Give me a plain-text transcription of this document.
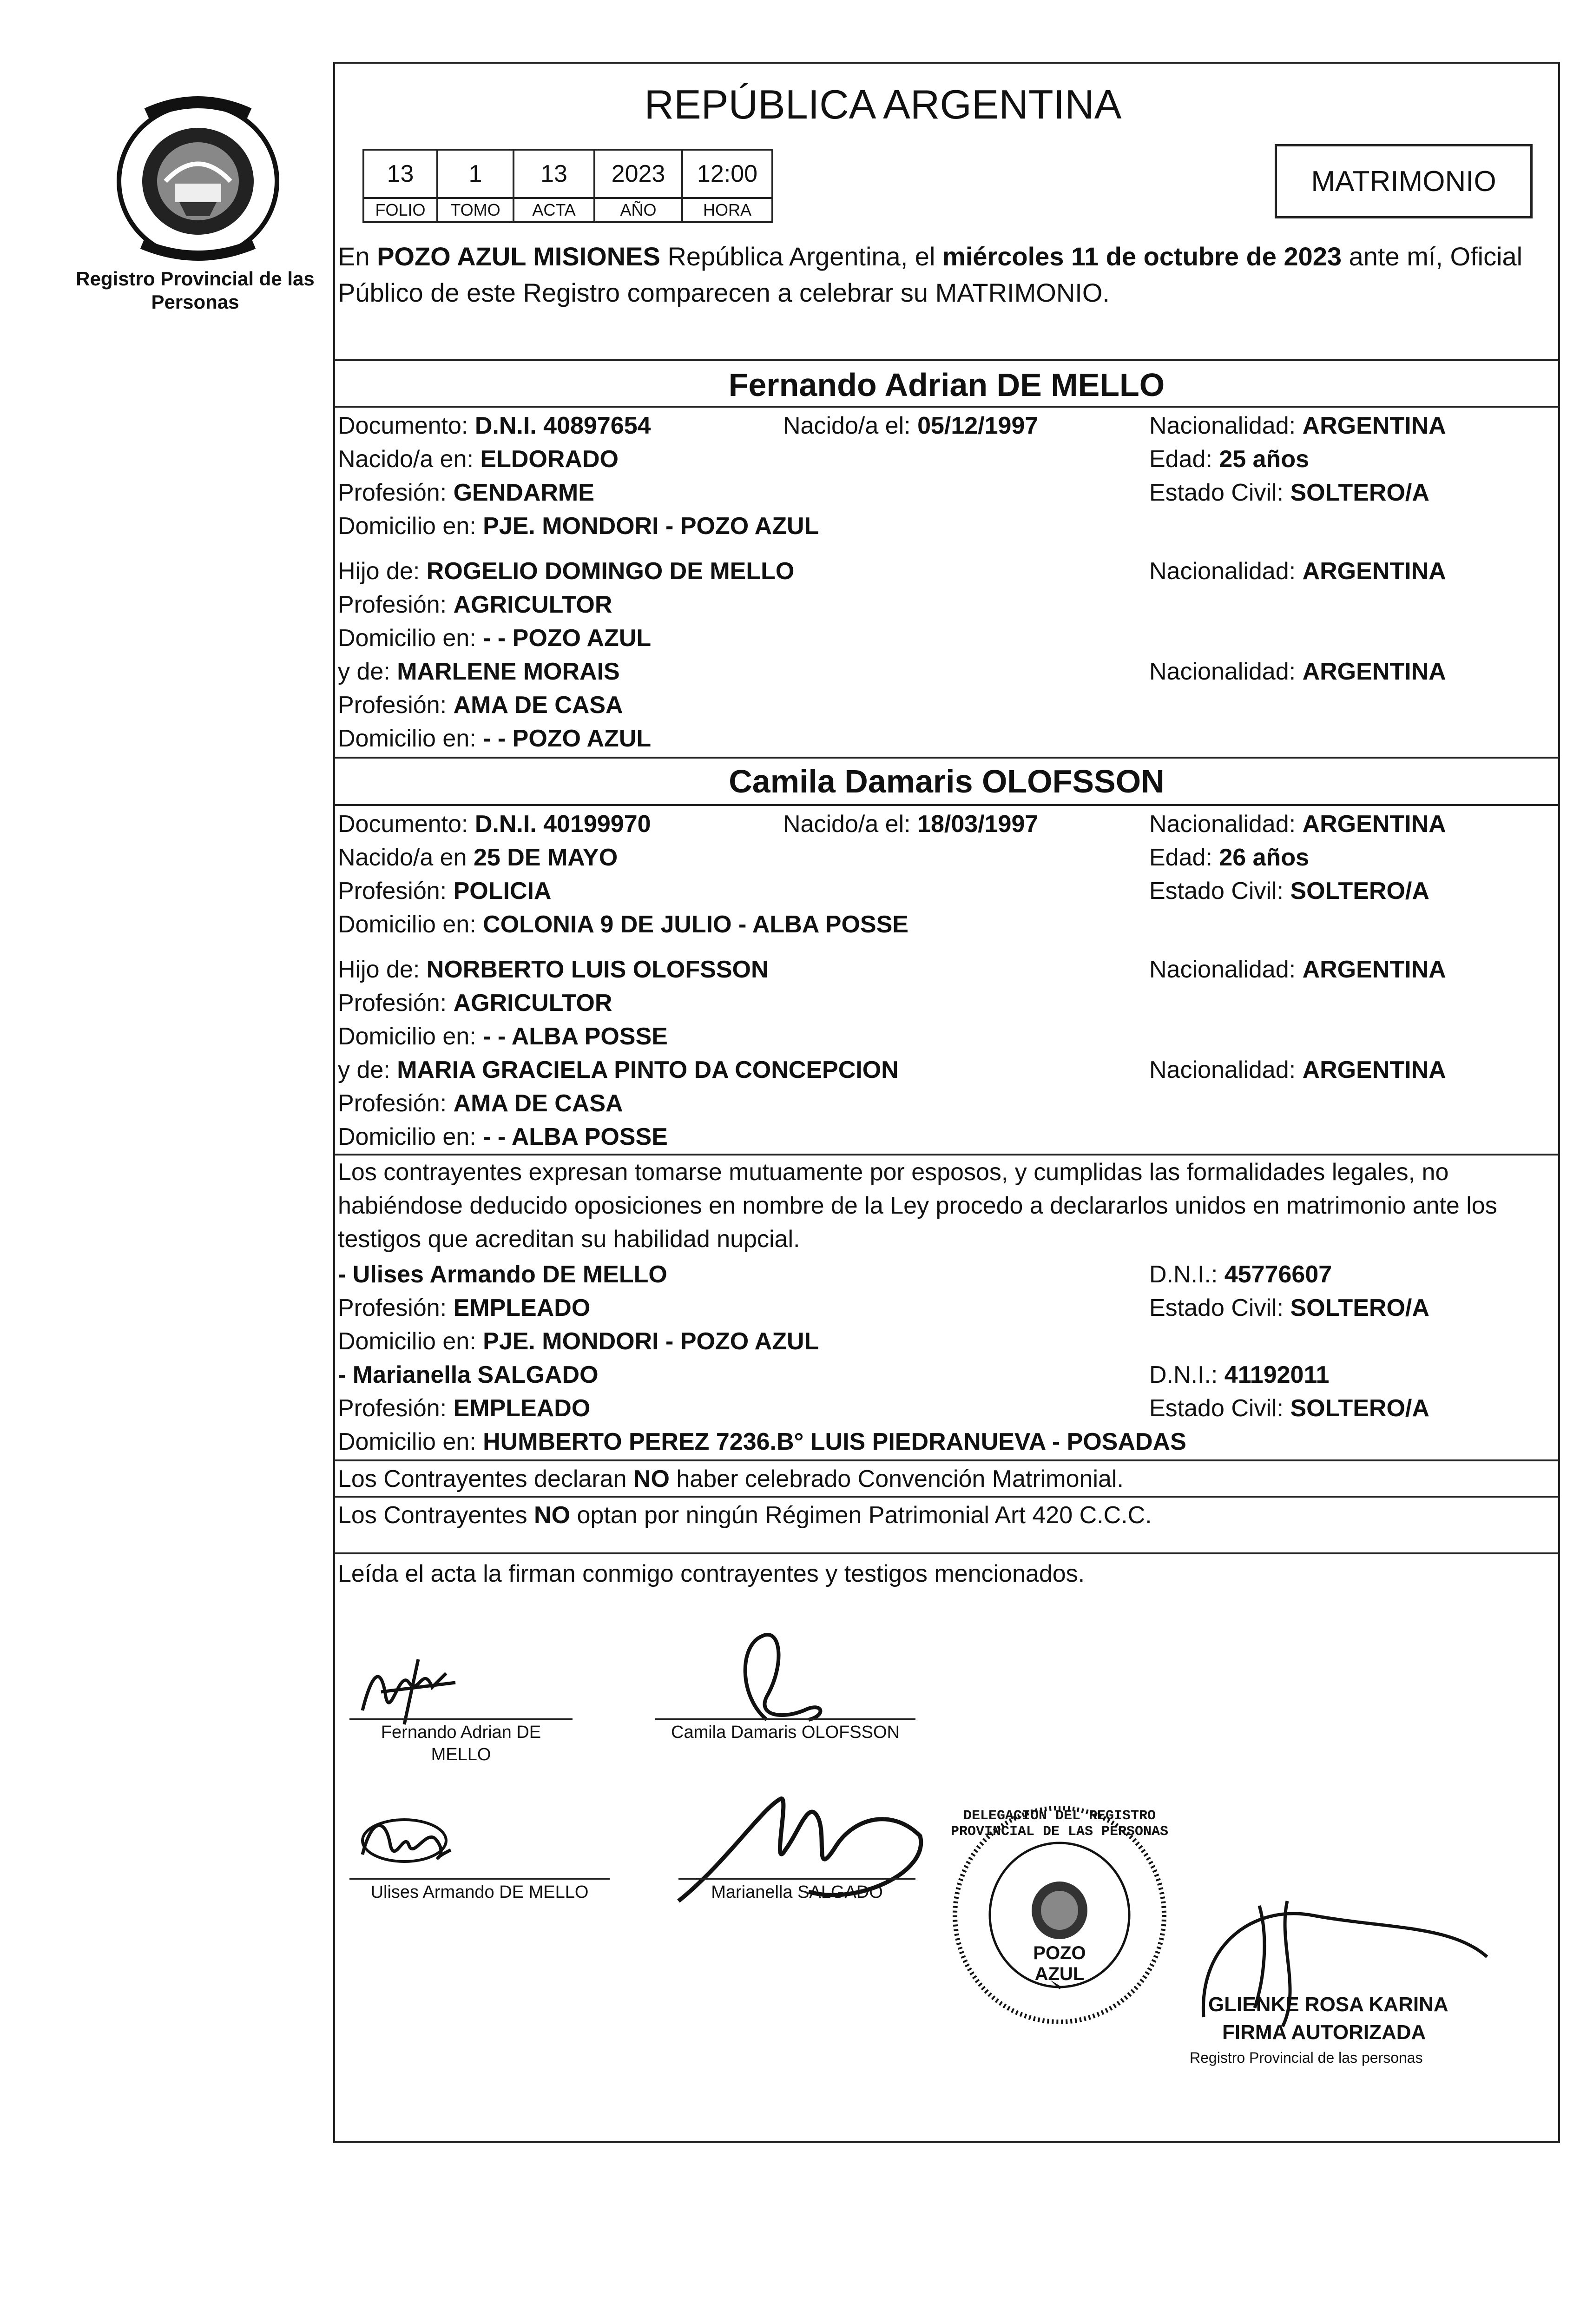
Registro Provincial de las Personas
REPÚBLICA ARGENTINA
13	1	13	2023	12:00
FOLIO	TOMO	ACTA	AÑO	HORA
MATRIMONIO
En POZO AZUL MISIONES República Argentina, el miércoles 11 de octubre de 2023 ante mí, Oficial Público de este Registro comparecen a celebrar su MATRIMONIO.
Fernando Adrian DE MELLO
Documento: D.N.I. 40897654	Nacido/a el: 05/12/1997	Nacionalidad: ARGENTINA
Nacido/a en: ELDORADO	Edad: 25 años
Profesión: GENDARME	Estado Civil: SOLTERO/A
Domicilio en: PJE. MONDORI - POZO AZUL
Hijo de: ROGELIO DOMINGO DE MELLO	Nacionalidad: ARGENTINA
Profesión: AGRICULTOR
Domicilio en: - - POZO AZUL
y de: MARLENE MORAIS	Nacionalidad: ARGENTINA
Profesión: AMA DE CASA
Domicilio en: - - POZO AZUL
Camila Damaris OLOFSSON
Documento: D.N.I. 40199970	Nacido/a el: 18/03/1997	Nacionalidad: ARGENTINA
Nacido/a en 25 DE MAYO	Edad: 26 años
Profesión: POLICIA	Estado Civil: SOLTERO/A
Domicilio en: COLONIA 9 DE JULIO - ALBA POSSE
Hijo de: NORBERTO LUIS OLOFSSON	Nacionalidad: ARGENTINA
Profesión: AGRICULTOR
Domicilio en: - - ALBA POSSE
y de: MARIA GRACIELA PINTO DA CONCEPCION	Nacionalidad: ARGENTINA
Profesión: AMA DE CASA
Domicilio en: - - ALBA POSSE
Los contrayentes expresan tomarse mutuamente por esposos, y cumplidas las formalidades legales, no habiéndose deducido oposiciones en nombre de la Ley procedo a declararlos unidos en matrimonio ante los testigos que acreditan su habilidad nupcial.
- Ulises Armando DE MELLO	D.N.I.: 45776607
Profesión: EMPLEADO	Estado Civil: SOLTERO/A
Domicilio en: PJE. MONDORI - POZO AZUL
- Marianella SALGADO	D.N.I.: 41192011
Profesión: EMPLEADO	Estado Civil: SOLTERO/A
Domicilio en: HUMBERTO PEREZ 7236.B° LUIS PIEDRANUEVA - POSADAS
Los Contrayentes declaran NO haber celebrado Convención Matrimonial.
Los Contrayentes NO optan por ningún Régimen Patrimonial Art 420 C.C.C.
Leída el acta la firman conmigo contrayentes y testigos mencionados.
Fernando Adrian DE MELLO
Camila Damaris OLOFSSON
Ulises Armando DE MELLO	Marianella SALGADO
DELEGACION DEL REGISTRO PROVINCIAL DE LAS PERSONAS
POZO AZUL
GLIENKE ROSA KARINA
FIRMA AUTORIZADA
Registro Provincial de las personas
